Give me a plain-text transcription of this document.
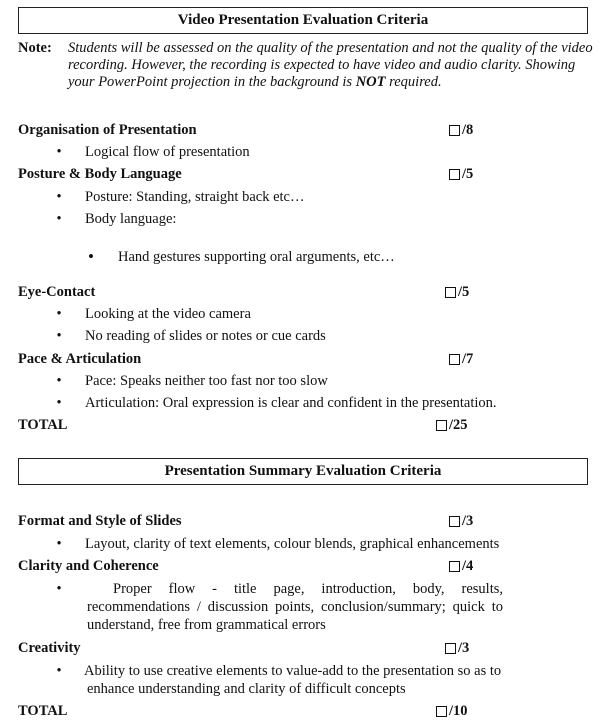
Video Presentation Evaluation Criteria
Note: Students will be assessed on the quality of the presentation and not the quality of the video recording. However, the recording is expected to have video and audio clarity. Showing your PowerPoint projection in the background is NOT required.
Organisation of Presentation	/8
• Logical flow of presentation
Posture & Body Language	/5
• Posture: Standing, straight back etc…
• Body language:
• Hand gestures supporting oral arguments, etc…
Eye-Contact	/5
• Looking at the video camera
• No reading of slides or notes or cue cards
Pace & Articulation	/7
• Pace: Speaks neither too fast nor too slow
• Articulation: Oral expression is clear and confident in the presentation.
TOTAL	/25
Presentation Summary Evaluation Criteria
Format and Style of Slides	/3
• Layout, clarity of text elements, colour blends, graphical enhancements
Clarity and Coherence	/4
•	Proper flow - title page, introduction, body, results, recommendations / discussion points, conclusion/summary; quick to understand, free from grammatical errors
Creativity	/3
• Ability to use creative elements to value-add to the presentation so as to enhance understanding and clarity of difficult concepts
TOTAL	/10
